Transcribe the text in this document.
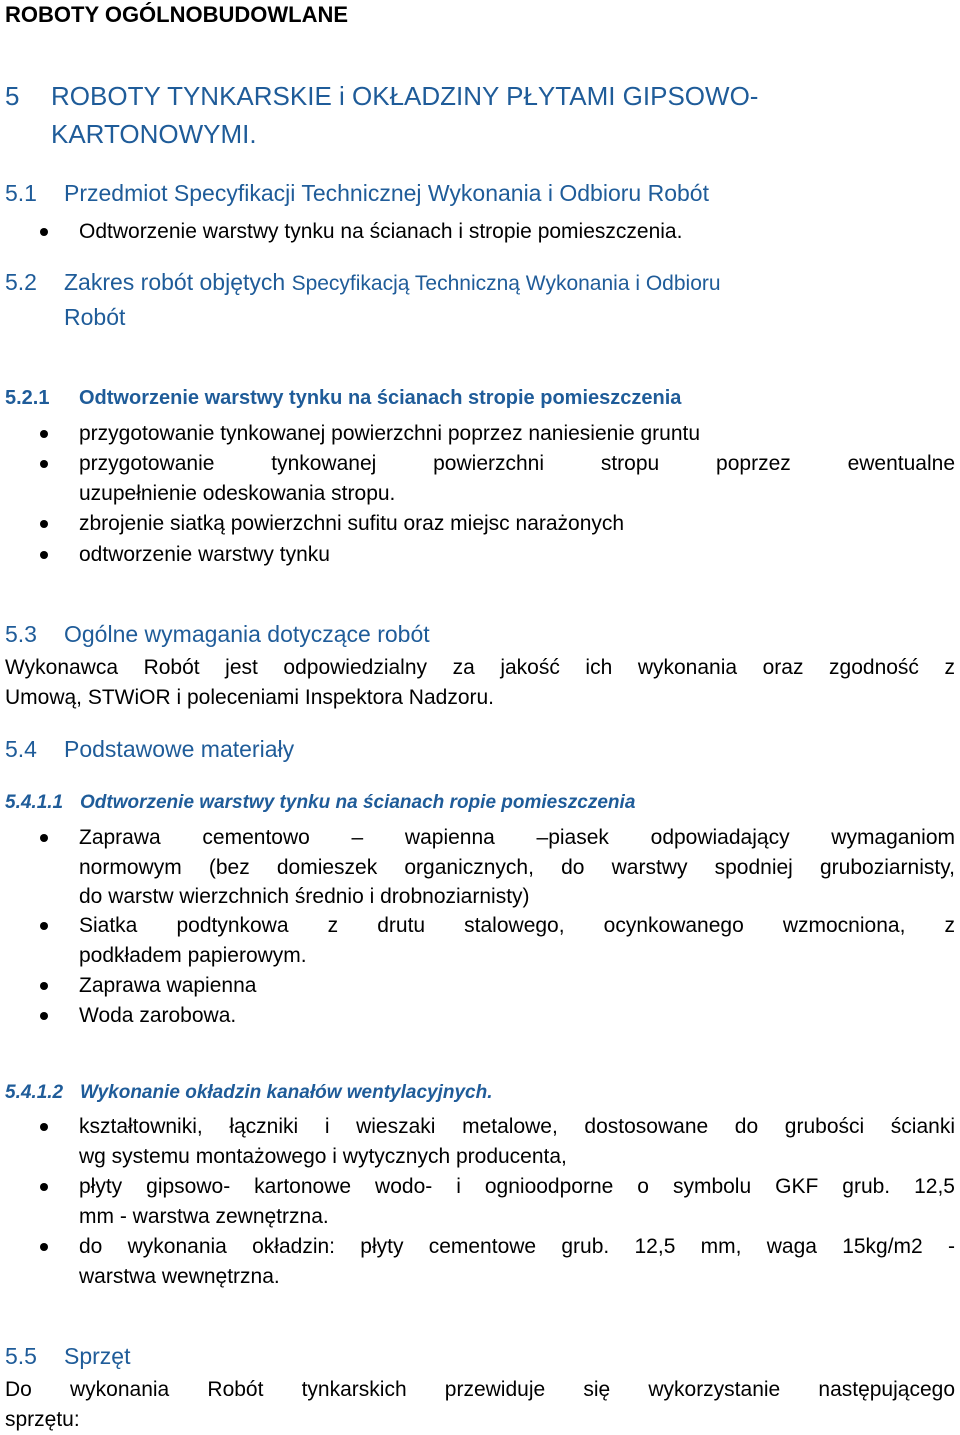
ROBOTY OGÓLNOBUDOWLANE
5 ROBOTY TYNKARSKIE i OKŁADZINY PŁYTAMI GIPSOWO-
KARTONOWYMI.
5.1 Przedmiot Specyfikacji Technicznej Wykonania i Odbioru Robót
Odtworzenie warstwy tynku na ścianach i stropie pomieszczenia.
5.2 Zakres robót objętych Specyfikacją Techniczną Wykonania i Odbioru
Robót
5.2.1 Odtworzenie warstwy tynku na ścianach stropie pomieszczenia
przygotowanie tynkowanej powierzchni poprzez naniesienie gruntu
przygotowanie tynkowanej powierzchni stropu poprzez ewentualne
uzupełnienie odeskowania stropu.
zbrojenie siatką powierzchni sufitu oraz miejsc narażonych
odtworzenie warstwy tynku
5.3 Ogólne wymagania dotyczące robót
Wykonawca Robót jest odpowiedzialny za jakość ich wykonania oraz zgodność z
Umową, STWiOR i poleceniami Inspektora Nadzoru.
5.4 Podstawowe materiały
5.4.1.1 Odtworzenie warstwy tynku na ścianach ropie pomieszczenia
Zaprawa cementowo – wapienna –piasek odpowiadający wymaganiom
normowym (bez domieszek organicznych, do warstwy spodniej gruboziarnisty,
do warstw wierzchnich średnio i drobnoziarnisty)
Siatka podtynkowa z drutu stalowego, ocynkowanego wzmocniona, z
podkładem papierowym.
Zaprawa wapienna
Woda zarobowa.
5.4.1.2 Wykonanie okładzin kanałów wentylacyjnych.
kształtowniki, łączniki i wieszaki metalowe, dostosowane do grubości ścianki
wg systemu montażowego i wytycznych producenta,
płyty gipsowo- kartonowe wodo- i ognioodporne o symbolu GKF grub. 12,5
mm - warstwa zewnętrzna.
do wykonania okładzin: płyty cementowe grub. 12,5 mm, waga 15kg/m2 -
warstwa wewnętrzna.
5.5 Sprzęt
Do wykonania Robót tynkarskich przewiduje się wykorzystanie następującego
sprzętu:
